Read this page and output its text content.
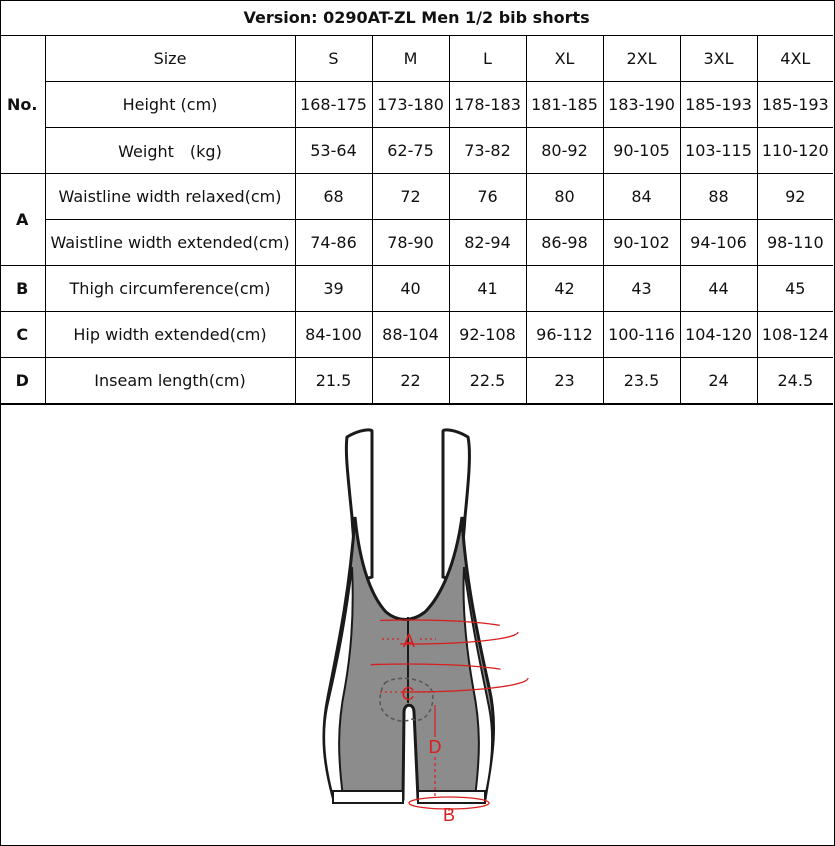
Version: 0290AT-ZL Men 1/2 bib shorts								
No.	Size	S	M	L	XL	2XL	3XL	4XL
	Height (cm)	168-175	173-180	178-183	181-185	183-190	185-193	185-193
	Weight　(kg)	53-64	62-75	73-82	80-92	90-105	103-115	110-120
A	Waistline width relaxed(cm)	68	72	76	80	84	88	92
	Waistline width extended(cm)	74-86	78-90	82-94	86-98	90-102	94-106	98-110
B	Thigh circumference(cm)	39	40	41	42	43	44	45
C	Hip width extended(cm)	84-100	88-104	92-108	96-112	100-116	104-120	108-124
D	Inseam length(cm)	21.5	22	22.5	23	23.5	24	24.5
A
C
D
B
